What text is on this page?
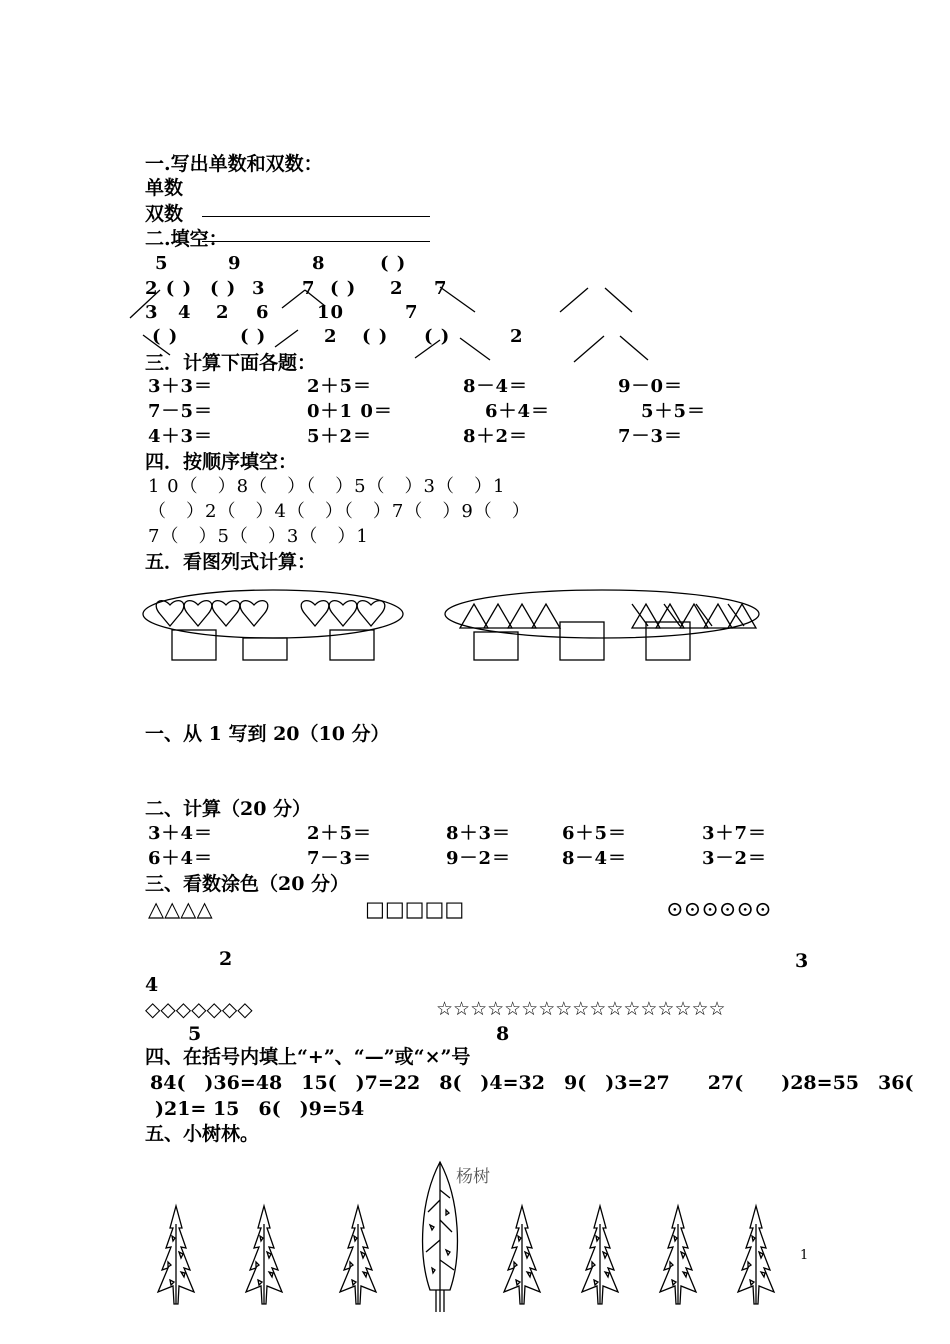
一.写出单数和双数：
单数
双数
二.填空：
5	9	8	( )
2 ( ) ( ) 3 7 ( ) 2 7
3 4 2 6	10	7
( )	( )	2 ( ) ( )	2
三．计算下面各题：
3＋3＝	2＋5＝	8－4＝	9－0＝
7－5＝	0＋1 0＝	6＋4＝	5＋5＝
4＋3＝	5＋2＝	8＋2＝	7－3＝
四．按顺序填空：
1 0（　）8（　）（　）5（　）3（　）1
（　）2（　）4（　）（　）7（　）9（　）
7（　）5（　）3（　）1
五．看图列式计算：
一、从 1 写到 20（10 分）
二、计算（20 分）
3＋4＝	2＋5＝	8＋3＝	6＋5＝	3＋7＝
6＋4＝	7－3＝	9－2＝	8－4＝	3－2＝
三、看数涂色（20 分）
△△△△	□□□□□	⊙⊙⊙⊙⊙⊙
2	3
4
◇◇◇◇◇◇◇	☆☆☆☆☆☆☆☆☆☆☆☆☆☆☆☆☆
5	8
四、在括号内填上“+”、“—”或“×”号
84(　)36=48　15(　)7=22　8(　)4=32　9(　)3=27　　27(　　)28=55　36(
)21= 15　6(　)9=54
五、小树林。
杨树
1
